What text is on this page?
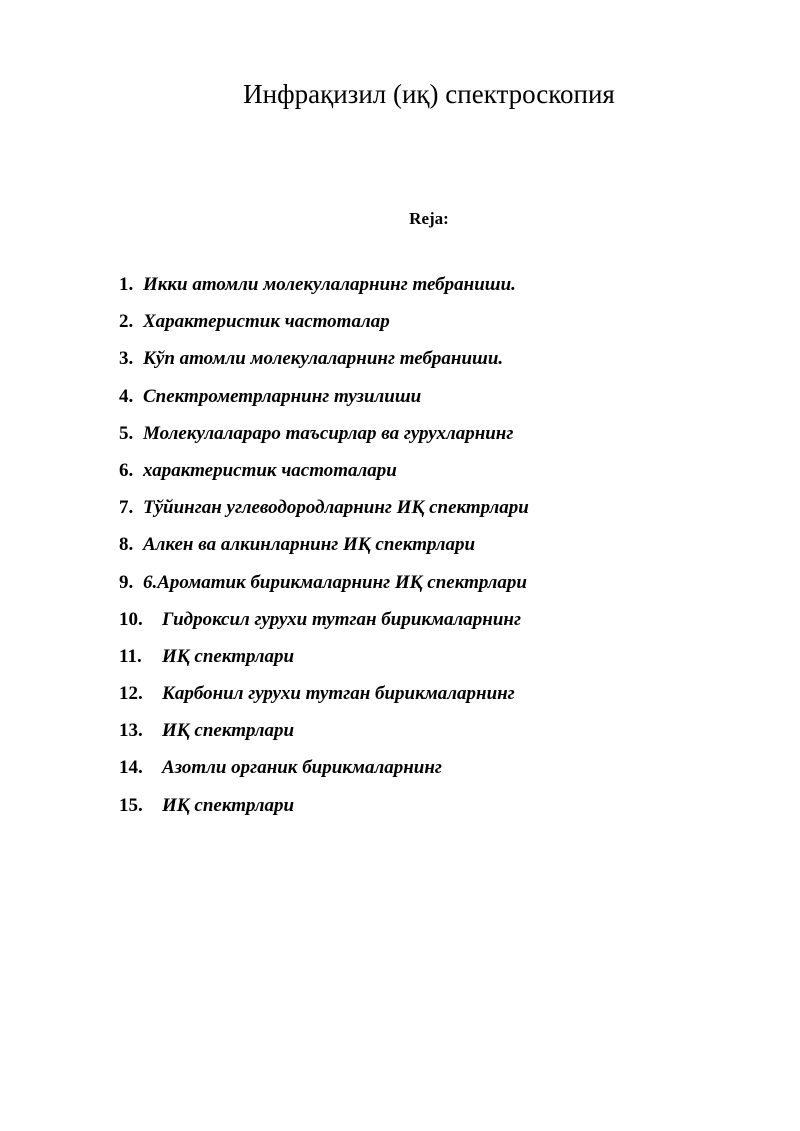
Инфрақизил (иқ) спектроскопия
Reja:
1 . Икки атомли молекулаларнинг тебраниши.
2 . Характеристик частоталар
3 . Кўп атомли молекулаларнинг тебраниши.
4 . Спектрометрларнинг тузилиши
5 . Молекулалараро таъсирлар ва гурухларнинг
6 . характеристик частоталари
7 . Тўйинган углеводородларнинг ИҚ спектрлари
8 . Алкен ва алкинларнинг ИҚ спектрлари
9 . 6.Ароматик бирикмаларнинг ИҚ спектрлари
10 .	Гидроксил гурухи тутган бирикмаларнинг
11 .	ИҚ спектрлари
12 .	Карбонил гурухи тутган бирикмаларнинг
13 .	ИҚ спектрлари
14 .	Азотли органик бирикмаларнинг
15 .	ИҚ спектрлари
